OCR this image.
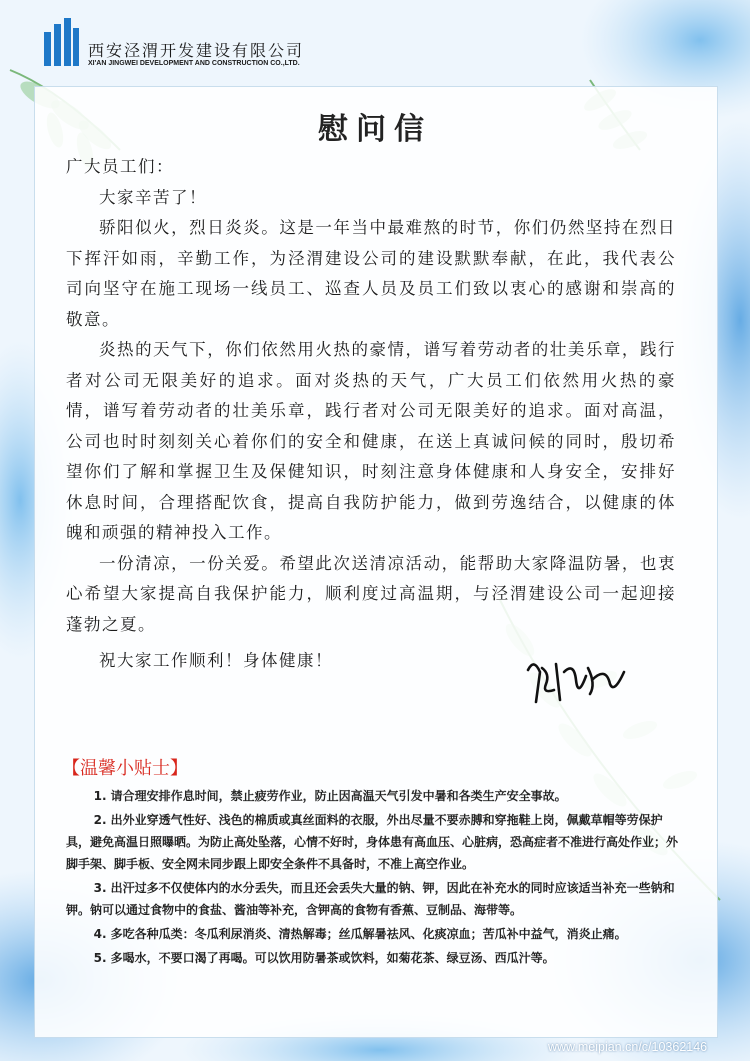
西安泾渭开发建设有限公司
XI'AN JINGWEI DEVELOPMENT AND CONSTRUCTION CO.,LTD.
慰问信

广大员工们：

大家辛苦了！

骄阳似火，烈日炎炎。这是一年当中最难熬的时节，你们仍然坚持在烈日下挥汗如雨，辛勤工作，为泾渭建设公司的建设默默奉献，在此，我代表公司向坚守在施工现场一线员工、巡查人员及员工们致以衷心的感谢和崇高的敬意。

炎热的天气下，你们依然用火热的豪情，谱写着劳动者的壮美乐章，践行者对公司无限美好的追求。面对炎热的天气，广大员工们依然用火热的豪情，谱写着劳动者的壮美乐章，践行者对公司无限美好的追求。面对高温，公司也时时刻刻关心着你们的安全和健康，在送上真诚问候的同时，殷切希望你们了解和掌握卫生及保健知识，时刻注意身体健康和人身安全，安排好休息时间，合理搭配饮食，提高自我防护能力，做到劳逸结合，以健康的体魄和顽强的精神投入工作。

一份清凉，一份关爱。希望此次送清凉活动，能帮助大家降温防暑，也衷心希望大家提高自我保护能力，顺利度过高温期，与泾渭建设公司一起迎接蓬勃之夏。

祝大家工作顺利！身体健康！

【温馨小贴士】

1. 请合理安排作息时间，禁止疲劳作业，防止因高温天气引发中暑和各类生产安全事故。

2. 出外业穿透气性好、浅色的棉质或真丝面料的衣服，外出尽量不要赤膊和穿拖鞋上岗，佩戴草帽等劳保护具，避免高温日照曝晒。为防止高处坠落，心情不好时，身体患有高血压、心脏病，恐高症者不准进行高处作业；外脚手架、脚手板、安全网未同步跟上即安全条件不具备时，不准上高空作业。

3. 出汗过多不仅使体内的水分丢失，而且还会丢失大量的钠、钾，因此在补充水的同时应该适当补充一些钠和钾。钠可以通过食物中的食盐、酱油等补充，含钾高的食物有香蕉、豆制品、海带等。

4. 多吃各种瓜类：冬瓜利尿消炎、清热解毒；丝瓜解暑祛风、化痰凉血；苦瓜补中益气，消炎止痛。

5. 多喝水，不要口渴了再喝。可以饮用防暑茶或饮料，如菊花茶、绿豆汤、西瓜汁等。

www.meipian.cn/c/10362146
